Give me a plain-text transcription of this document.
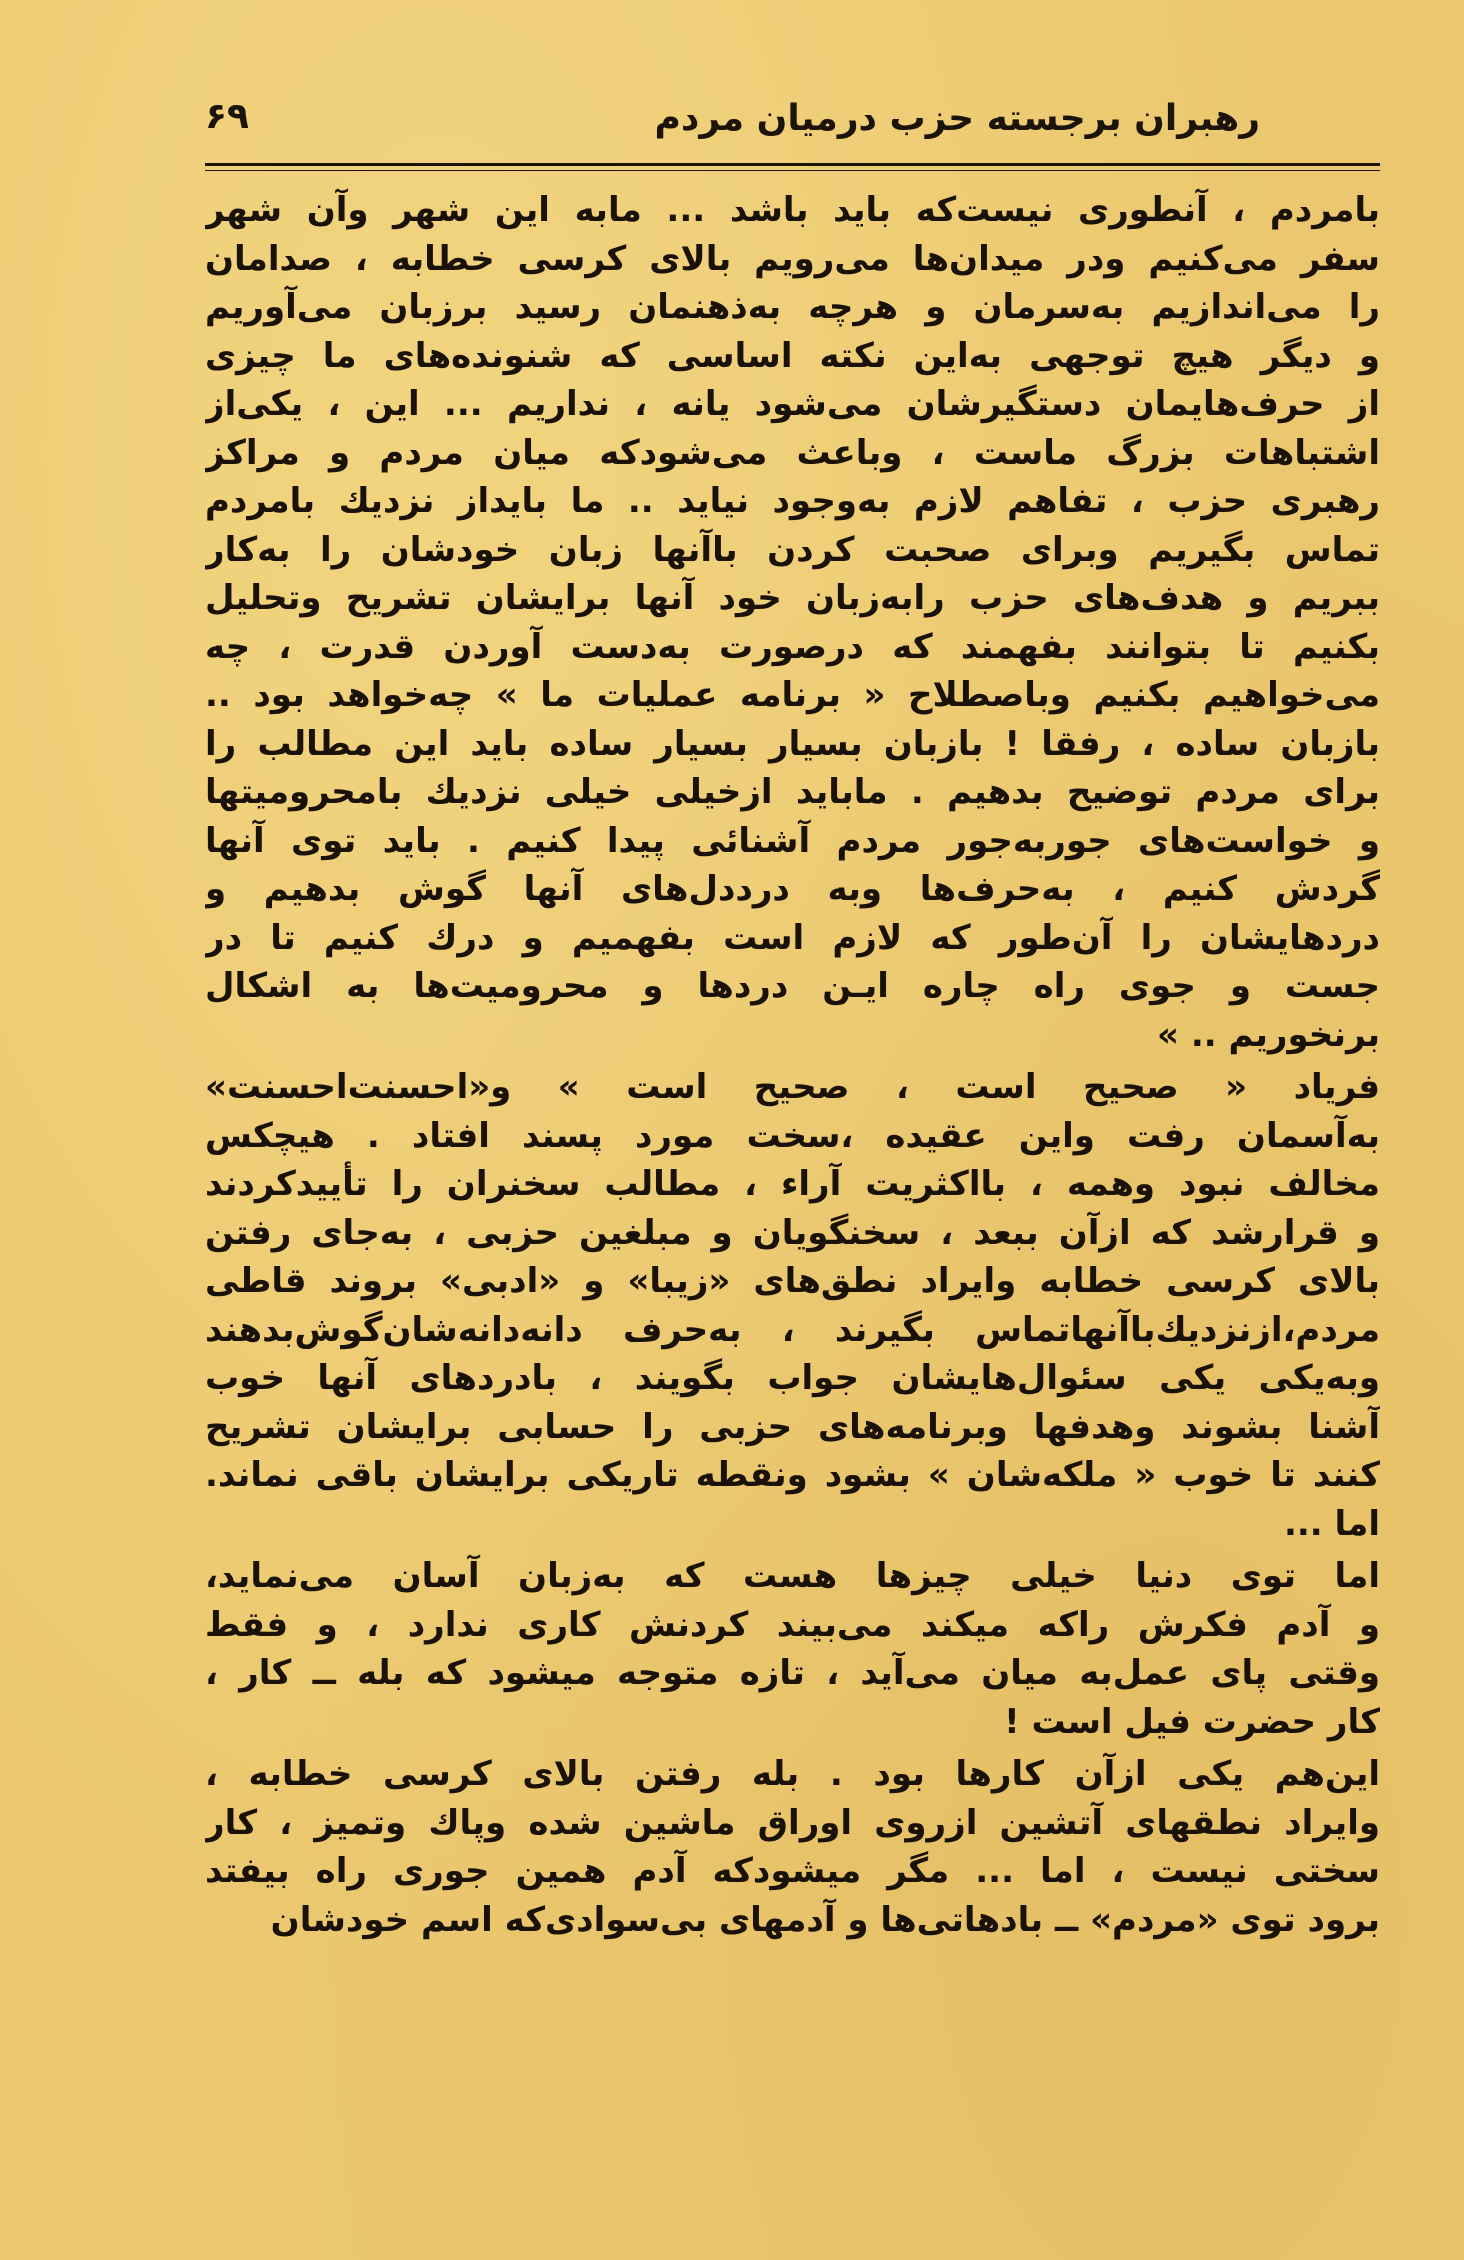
۶۹	رهبران برجسته حزب درمیان مردم
بامردم ، آنطوری نیست‌که باید باشد ... مابه این شهر وآن شهر
سفر می‌کنیم ودر میدان‌ها می‌رویم بالای کرسی خطابه ، صدامان
را می‌اندازیم به‌سرمان و هرچه به‌ذهنمان رسید برزبان می‌آوریم
و دیگر هیچ توجهی به‌این نکته اساسی که شنونده‌های ما چیزی
از حرف‌هایمان دستگیرشان می‌شود یانه ، نداریم ... این ، یکی‌از
اشتباهات بزرگ ماست ، وباعث می‌شودکه میان مردم و مراکز
رهبری حزب ، تفاهم لازم به‌وجود نیاید .. ما بایداز نزدیك بامردم
تماس بگیریم وبرای صحبت کردن باآنها زبان خودشان را به‌کار
ببریم و هدف‌های حزب رابه‌زبان خود آنها برایشان تشریح وتحلیل
بکنیم تا بتوانند بفهمند که درصورت به‌دست آوردن قدرت ، چه
می‌خواهیم بکنیم وباصطلاح « برنامه عملیات ما » چه‌خواهد بود ..
بازبان ساده ، رفقا ! بازبان بسیار بسیار ساده باید این مطالب را
برای مردم توضیح بدهیم . مابايد ازخيلی خيلی نزديك بامحروميتها
و خواست‌های جوربه‌جور مردم آشنائی پیدا کنیم . باید توی آنها
گردش کنیم ، به‌حرف‌ها وبه درددل‌های آنها گوش بدهیم و
دردهایشان را آن‌طور که لازم است بفهمیم و درك کنیم تا در
جست و جوی راه چاره ایـن دردها و محرومیت‌ها به اشکال
برنخوریم .. »
فریاد « صحیح است ، صحیح است » و«احسنت‌احسنت»
به‌آسمان رفت واین عقیده ،سخت مورد پسند افتاد . هیچکس
مخالف نبود وهمه ، بااکثریت آراء ، مطالب سخنران را تأییدکردند
و قرارشد که ازآن ببعد ، سخنگویان و مبلغین حزبی ، به‌جای رفتن
بالای کرسی خطابه وایراد نطق‌های «زیبا» و «ادبی» بروند قاطی
مردم،ازنزديك‌باآنهاتماس بگيرند ، به‌حرف دانه‌دانه‌شان‌گوش‌بدهند
وبه‌یکی یکی سئوال‌هایشان جواب بگویند ، بادردهای آنها خوب
آشنا بشوند وهدفها وبرنامه‌های حزبی را حسابی برایشان تشریح
کنند تا خوب « ملکه‌شان » بشود ونقطه تاریکی برایشان باقی نماند.
اما ...
اما توی دنیا خیلی چیزها هست که به‌زبان آسان می‌نماید،
و آدم فکرش راکه میکند می‌بیند کردنش کاری ندارد ، و فقط
وقتی پای عمل‌به میان می‌آید ، تازه متوجه میشود که بله ــ کار ،
کار حضرت فیل است !
این‌هم یکی ازآن کارها بود . بله رفتن بالای کرسی خطابه ،
وایراد نطقهای آتشین ازروی اوراق ماشین شده وپاك وتميز ، كار
سختی نیست ، اما ... مگر میشودکه آدم همین جوری راه بیفتد
برود توی «مردم» ــ بادهاتی‌ها و آدمهای بی‌سوادی‌که اسم خودشان
